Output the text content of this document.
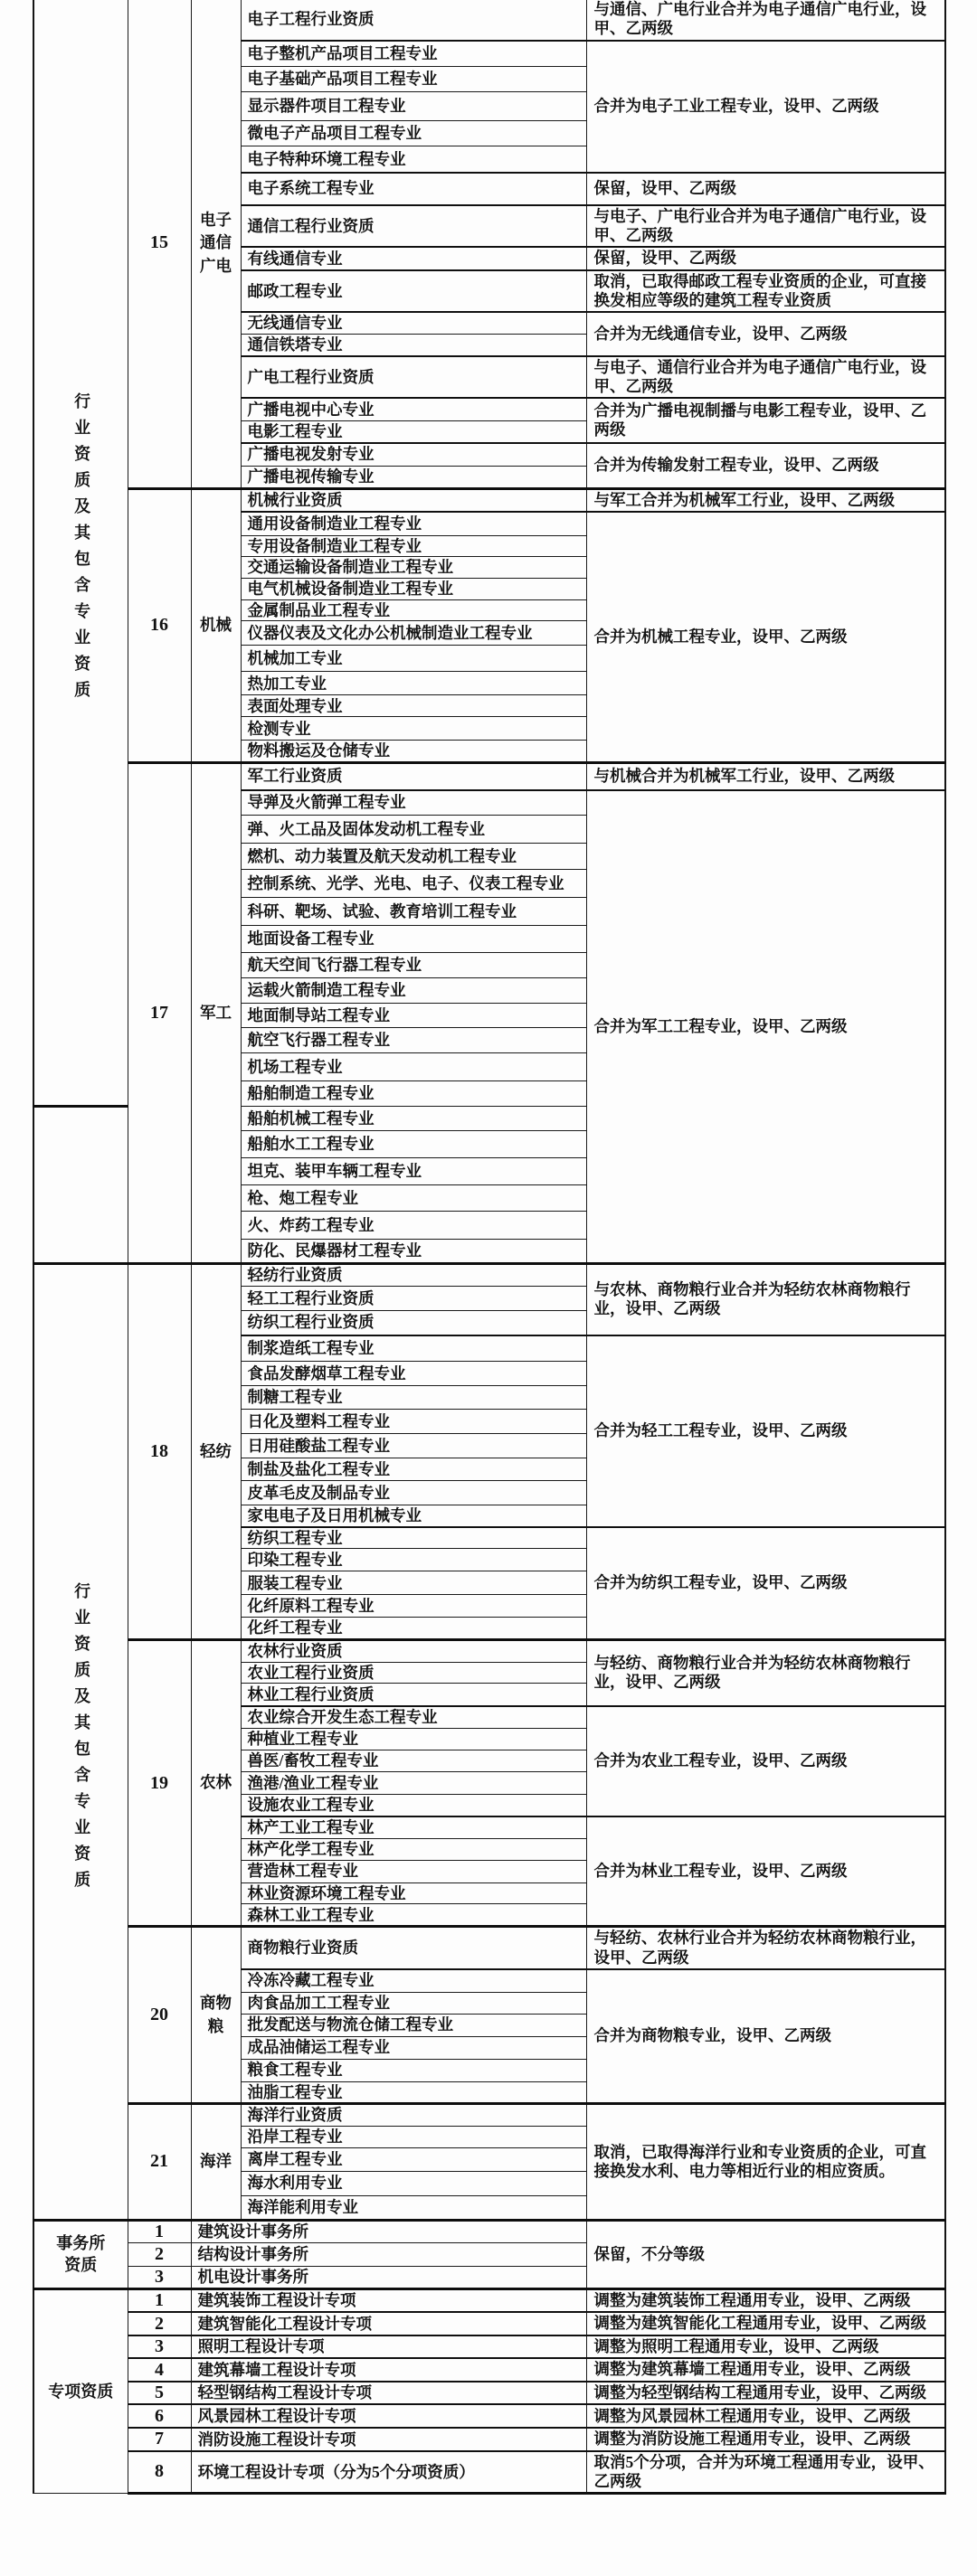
行业资质及其包含专业资质	15	电子通信广电	电子工程行业资质	与通信、广电行业合并为电子通信广电行业，设甲、乙两级
			电子整机产品项目工程专业	合并为电子工业工程专业，设甲、乙两级
			电子基础产品项目工程专业	
			显示器件项目工程专业	
			微电子产品项目工程专业	
			电子特种环境工程专业	
			电子系统工程专业	保留，设甲、乙两级
			通信工程行业资质	与电子、广电行业合并为电子通信广电行业，设甲、乙两级
			有线通信专业	保留，设甲、乙两级
			邮政工程专业	取消，已取得邮政工程专业资质的企业，可直接换发相应等级的建筑工程专业资质
			无线通信专业	合并为无线通信专业，设甲、乙两级
			通信铁塔专业	
			广电工程行业资质	与电子、通信行业合并为电子通信广电行业，设甲、乙两级
			广播电视中心专业	合并为广播电视制播与电影工程专业，设甲、乙两级
			电影工程专业	
			广播电视发射专业	合并为传输发射工程专业，设甲、乙两级
			广播电视传输专业	
	16	机械	机械行业资质	与军工合并为机械军工行业，设甲、乙两级
			通用设备制造业工程专业	合并为机械工程专业，设甲、乙两级
			专用设备制造业工程专业	
			交通运输设备制造业工程专业	
			电气机械设备制造业工程专业	
			金属制品业工程专业	
			仪器仪表及文化办公机械制造业工程专业	
			机械加工专业	
			热加工专业	
			表面处理专业	
			检测专业	
			物料搬运及仓储专业	
	17	军工	军工行业资质	与机械合并为机械军工行业，设甲、乙两级
			导弹及火箭弹工程专业	合并为军工工程专业，设甲、乙两级
			弹、火工品及固体发动机工程专业	
			燃机、动力装置及航天发动机工程专业	
			控制系统、光学、光电、电子、仪表工程专业	
			科研、靶场、试验、教育培训工程专业	
			地面设备工程专业	
			航天空间飞行器工程专业	
			运载火箭制造工程专业	
			地面制导站工程专业	
			航空飞行器工程专业	
			机场工程专业	
			船舶制造工程专业	
			船舶机械工程专业	
			船舶水工工程专业	
			坦克、装甲车辆工程专业	
			枪、炮工程专业	
			火、炸药工程专业	
			防化、民爆器材工程专业	
行业资质及其包含专业资质	18	轻纺	轻纺行业资质	与农林、商物粮行业合并为轻纺农林商物粮行业，设甲、乙两级
			轻工工程行业资质	
			纺织工程行业资质	
			制浆造纸工程专业	合并为轻工工程专业，设甲、乙两级
			食品发酵烟草工程专业	
			制糖工程专业	
			日化及塑料工程专业	
			日用硅酸盐工程专业	
			制盐及盐化工程专业	
			皮革毛皮及制品专业	
			家电电子及日用机械专业	
			纺织工程专业	合并为纺织工程专业，设甲、乙两级
			印染工程专业	
			服装工程专业	
			化纤原料工程专业	
			化纤工程专业	
	19	农林	农林行业资质	与轻纺、商物粮行业合并为轻纺农林商物粮行业，设甲、乙两级
			农业工程行业资质	
			林业工程行业资质	
			农业综合开发生态工程专业	合并为农业工程专业，设甲、乙两级
			种植业工程专业	
			兽医/畜牧工程专业	
			渔港/渔业工程专业	
			设施农业工程专业	
			林产工业工程专业	合并为林业工程专业，设甲、乙两级
			林产化学工程专业	
			营造林工程专业	
			林业资源环境工程专业	
			森林工业工程专业	
	20	商物粮	商物粮行业资质	与轻纺、农林行业合并为轻纺农林商物粮行业，设甲、乙两级
			冷冻冷藏工程专业	合并为商物粮专业，设甲、乙两级
			肉食品加工工程专业	
			批发配送与物流仓储工程专业	
			成品油储运工程专业	
			粮食工程专业	
			油脂工程专业	
	21	海洋	海洋行业资质	取消，已取得海洋行业和专业资质的企业，可直接换发水利、电力等相近行业的相应资质。
			沿岸工程专业	
			离岸工程专业	
			海水利用专业	
			海洋能利用专业	
事务所资质	1	建筑设计事务所		保留，不分等级
	2	结构设计事务所		
	3	机电设计事务所		
专项资质	1	建筑装饰工程设计专项		调整为建筑装饰工程通用专业，设甲、乙两级
	2	建筑智能化工程设计专项		调整为建筑智能化工程通用专业，设甲、乙两级
	3	照明工程设计专项		调整为照明工程通用专业，设甲、乙两级
	4	建筑幕墙工程设计专项		调整为建筑幕墙工程通用专业，设甲、乙两级
	5	轻型钢结构工程设计专项		调整为轻型钢结构工程通用专业，设甲、乙两级
	6	风景园林工程设计专项		调整为风景园林工程通用专业，设甲、乙两级
	7	消防设施工程设计专项		调整为消防设施工程通用专业，设甲、乙两级
	8	环境工程设计专项（分为5个分项资质）		取消5个分项，合并为环境工程通用专业，设甲、乙两级
